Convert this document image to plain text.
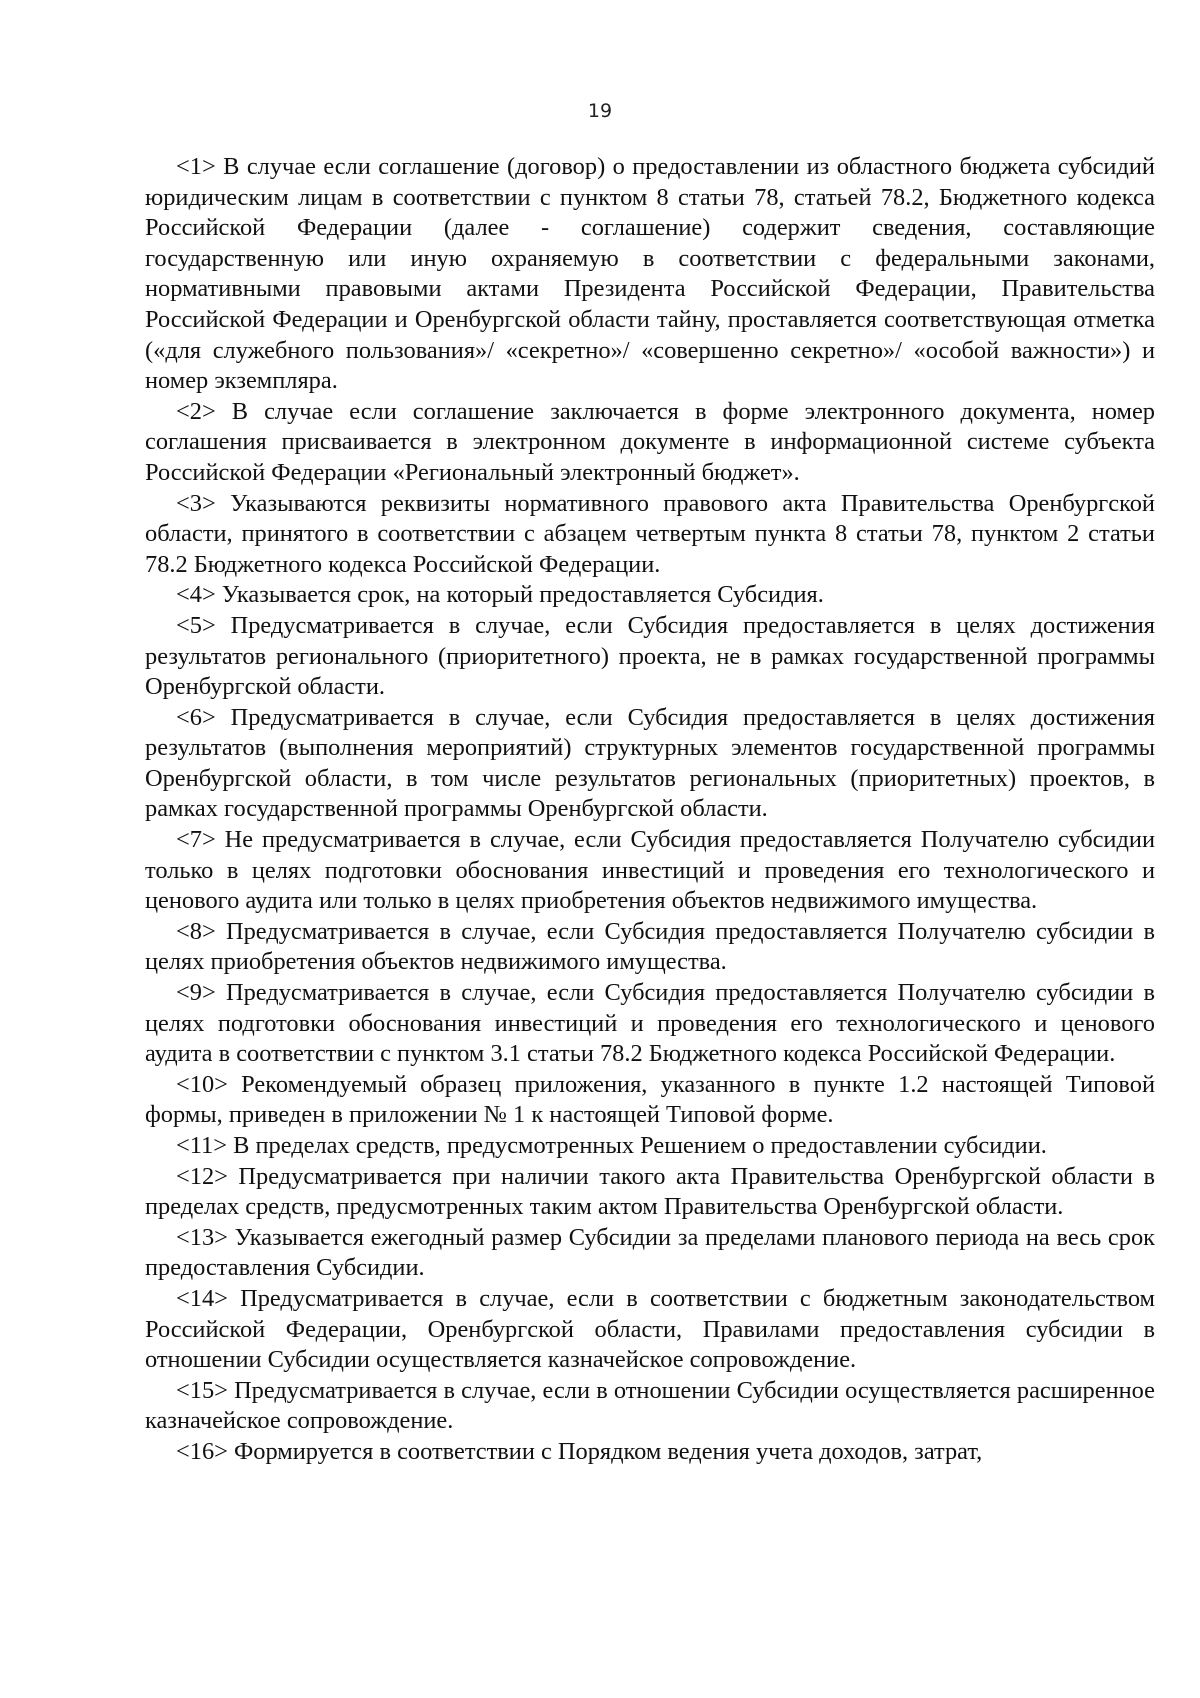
19

<1> В случае если соглашение (договор) о предоставлении из областного бюджета субсидий юридическим лицам в соответствии с пунктом 8 статьи 78, статьей 78.2, Бюджетного кодекса Российской Федерации (далее - соглашение) содержит сведения, составляющие государственную или иную охраняемую в соответствии с федеральными законами, нормативными правовыми актами Президента Российской Федерации, Правительства Российской Федерации и Оренбургской области тайну, проставляется соответствующая отметка («для служебного пользования»/ «секретно»/ «совершенно секретно»/ «особой важности») и номер экземпляра.

<2> В случае если соглашение заключается в форме электронного документа, номер соглашения присваивается в электронном документе в информационной системе субъекта Российской Федерации «Региональный электронный бюджет».

<3> Указываются реквизиты нормативного правового акта Правительства Оренбургской области, принятого в соответствии с абзацем четвертым пункта 8 статьи 78, пунктом 2 статьи 78.2 Бюджетного кодекса Российской Федерации.

<4> Указывается срок, на который предоставляется Субсидия.

<5> Предусматривается в случае, если Субсидия предоставляется в целях достижения результатов регионального (приоритетного) проекта, не в рамках государственной программы Оренбургской области.

<6> Предусматривается в случае, если Субсидия предоставляется в целях достижения результатов (выполнения мероприятий) структурных элементов государственной программы Оренбургской области, в том числе результатов региональных (приоритетных) проектов, в рамках государственной программы Оренбургской области.

<7> Не предусматривается в случае, если Субсидия предоставляется Получателю субсидии только в целях подготовки обоснования инвестиций и проведения его технологического и ценового аудита или только в целях приобретения объектов недвижимого имущества.

<8> Предусматривается в случае, если Субсидия предоставляется Получателю субсидии в целях приобретения объектов недвижимого имущества.

<9> Предусматривается в случае, если Субсидия предоставляется Получателю субсидии в целях подготовки обоснования инвестиций и проведения его технологического и ценового аудита в соответствии с пунктом 3.1 статьи 78.2 Бюджетного кодекса Российской Федерации.

<10> Рекомендуемый образец приложения, указанного в пункте 1.2 настоящей Типовой формы, приведен в приложении № 1 к настоящей Типовой форме.

<11> В пределах средств, предусмотренных Решением о предоставлении субсидии.

<12> Предусматривается при наличии такого акта Правительства Оренбургской области в пределах средств, предусмотренных таким актом Правительства Оренбургской области.

<13> Указывается ежегодный размер Субсидии за пределами планового периода на весь срок предоставления Субсидии.

<14> Предусматривается в случае, если в соответствии с бюджетным законодательством Российской Федерации, Оренбургской области, Правилами предоставления субсидии в отношении Субсидии осуществляется казначейское сопровождение.

<15> Предусматривается в случае, если в отношении Субсидии осуществляется расширенное казначейское сопровождение.

<16> Формируется в соответствии с Порядком ведения учета доходов, затрат,
